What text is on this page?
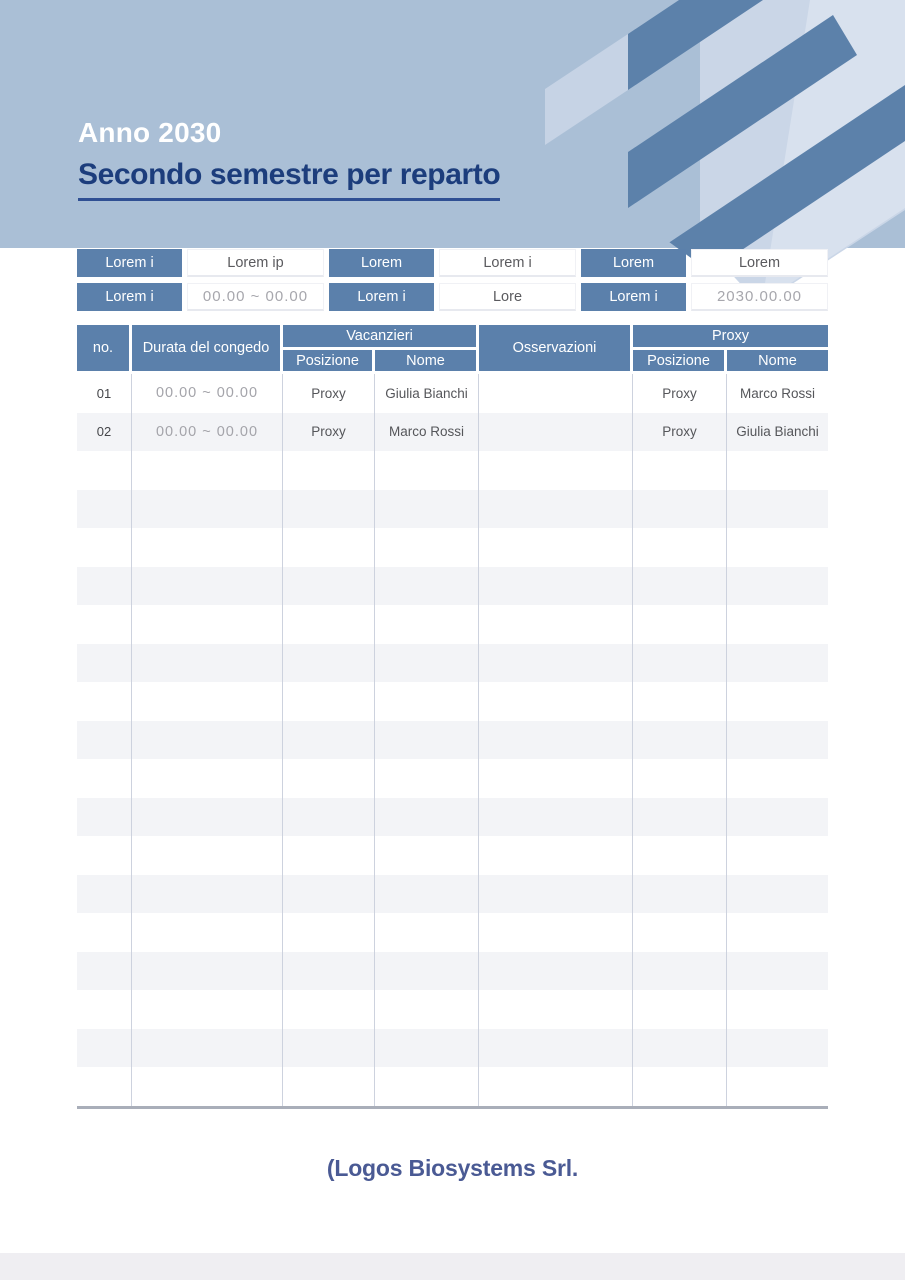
Anno 2030
Secondo semestre per reparto
Lorem i	Lorem ip	Lorem	Lorem i	Lorem	Lorem
Lorem i	00.00 ~ 00.00	Lorem i	Lore	Lorem i	2030.00.00
no.	Durata del congedo	Vacanzieri		Osservazioni	Proxy	
		Posizione	Nome		Posizione	Nome
01	00.00 ~ 00.00	Proxy	Giulia Bianchi		Proxy	Marco Rossi
02	00.00 ~ 00.00	Proxy	Marco Rossi		Proxy	Giulia Bianchi

(Logos Biosystems Srl.
